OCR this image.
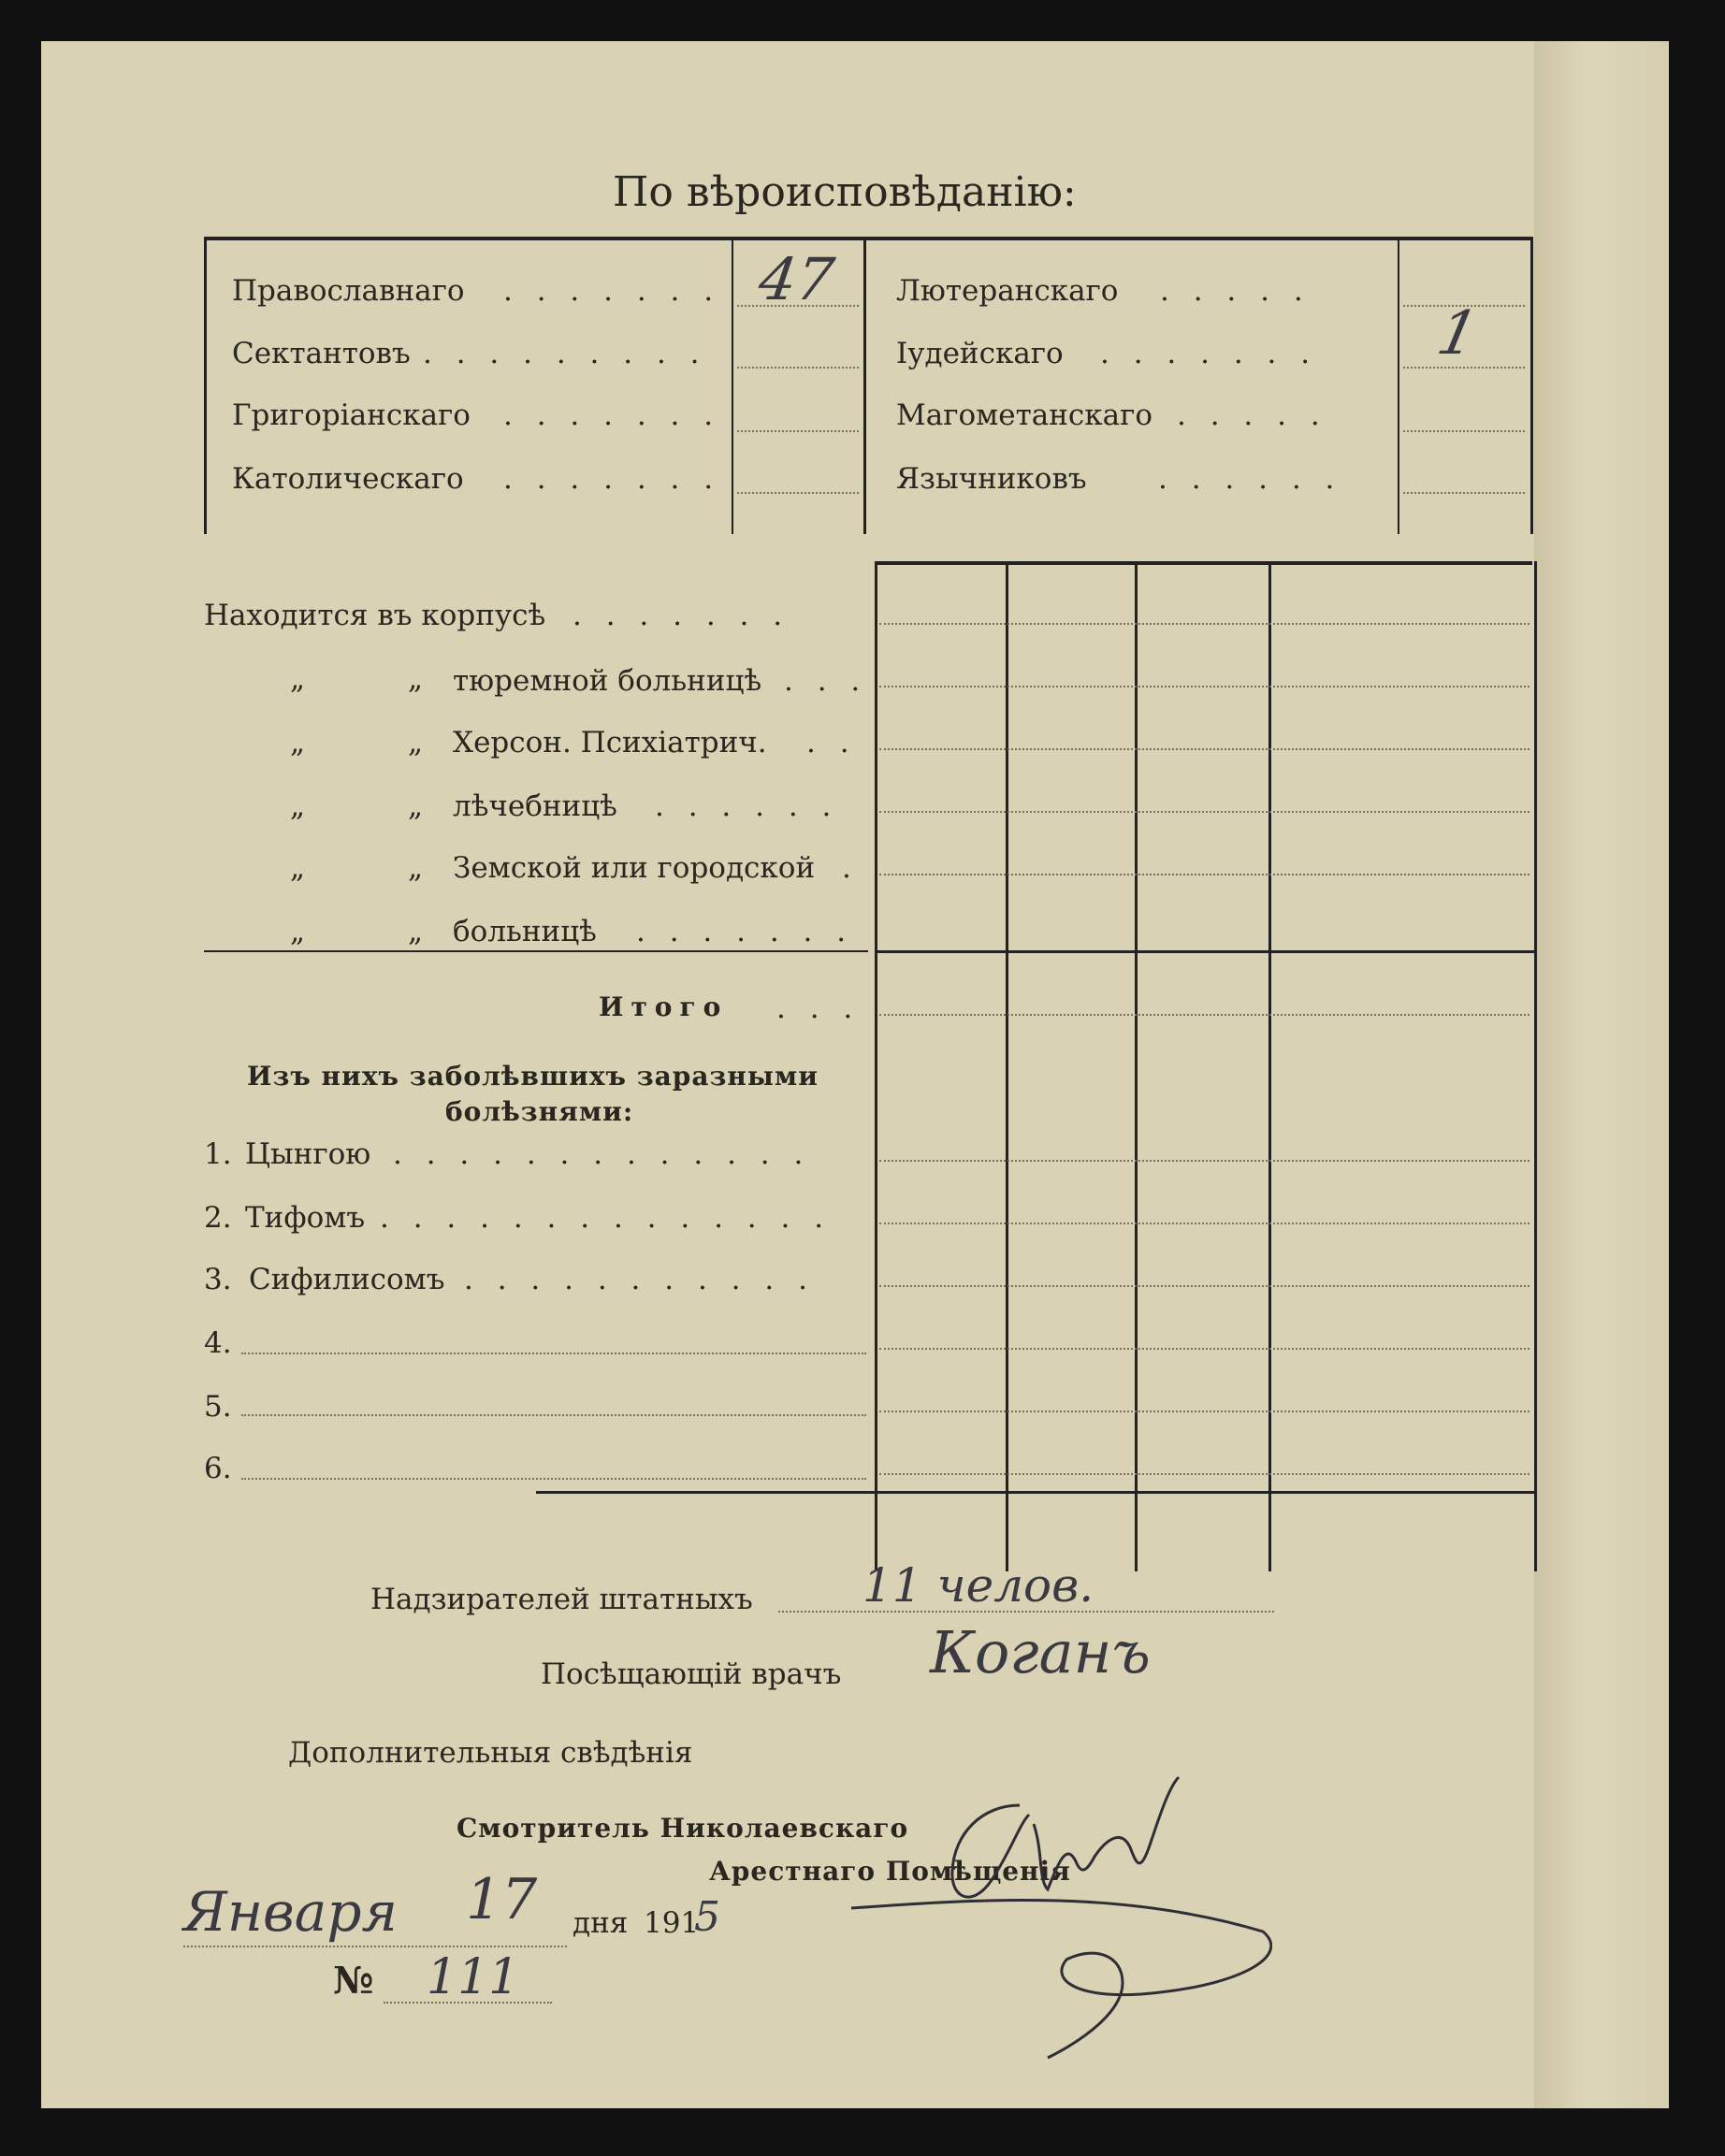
По вѣроисповѣданію:
Православнаго . . . . . . . 47
Сектантовъ . . . . . . . . .
Григоріанскаго . . . . . . .
Католическаго . . . . . . .
Лютеранскаго . . . . .
Іудейскаго . . . . . . . 1
Магометанскаго . . . . .
Язычниковъ . . . . . .
Находится въ корпусѣ . . . . . . .
„	„ тюремной больницѣ . . .
„	„ Херсон. Психіатрич. . .
„	„ лѣчебницѣ . . . . . .
„	„ Земской или городской .
„	„ больницѣ . . . . . . .
Итого . . .
Изъ нихъ заболѣвшихъ заразными
болѣзнями:
1. Цынгою . . . . . . . . . . . . .
2. Тифомъ . . . . . . . . . . . . . .
3. Сифилисомъ . . . . . . . . . . .
4.
5.
6.
Надзирателей штатныхъ 11 челов.
Посѣщающій врачъ Коганъ
Дополнительныя свѣдѣнія
Смотритель Николаевскаго
Арестнаго Помѣщенія
Января 17 дня 191
5
№ 111
